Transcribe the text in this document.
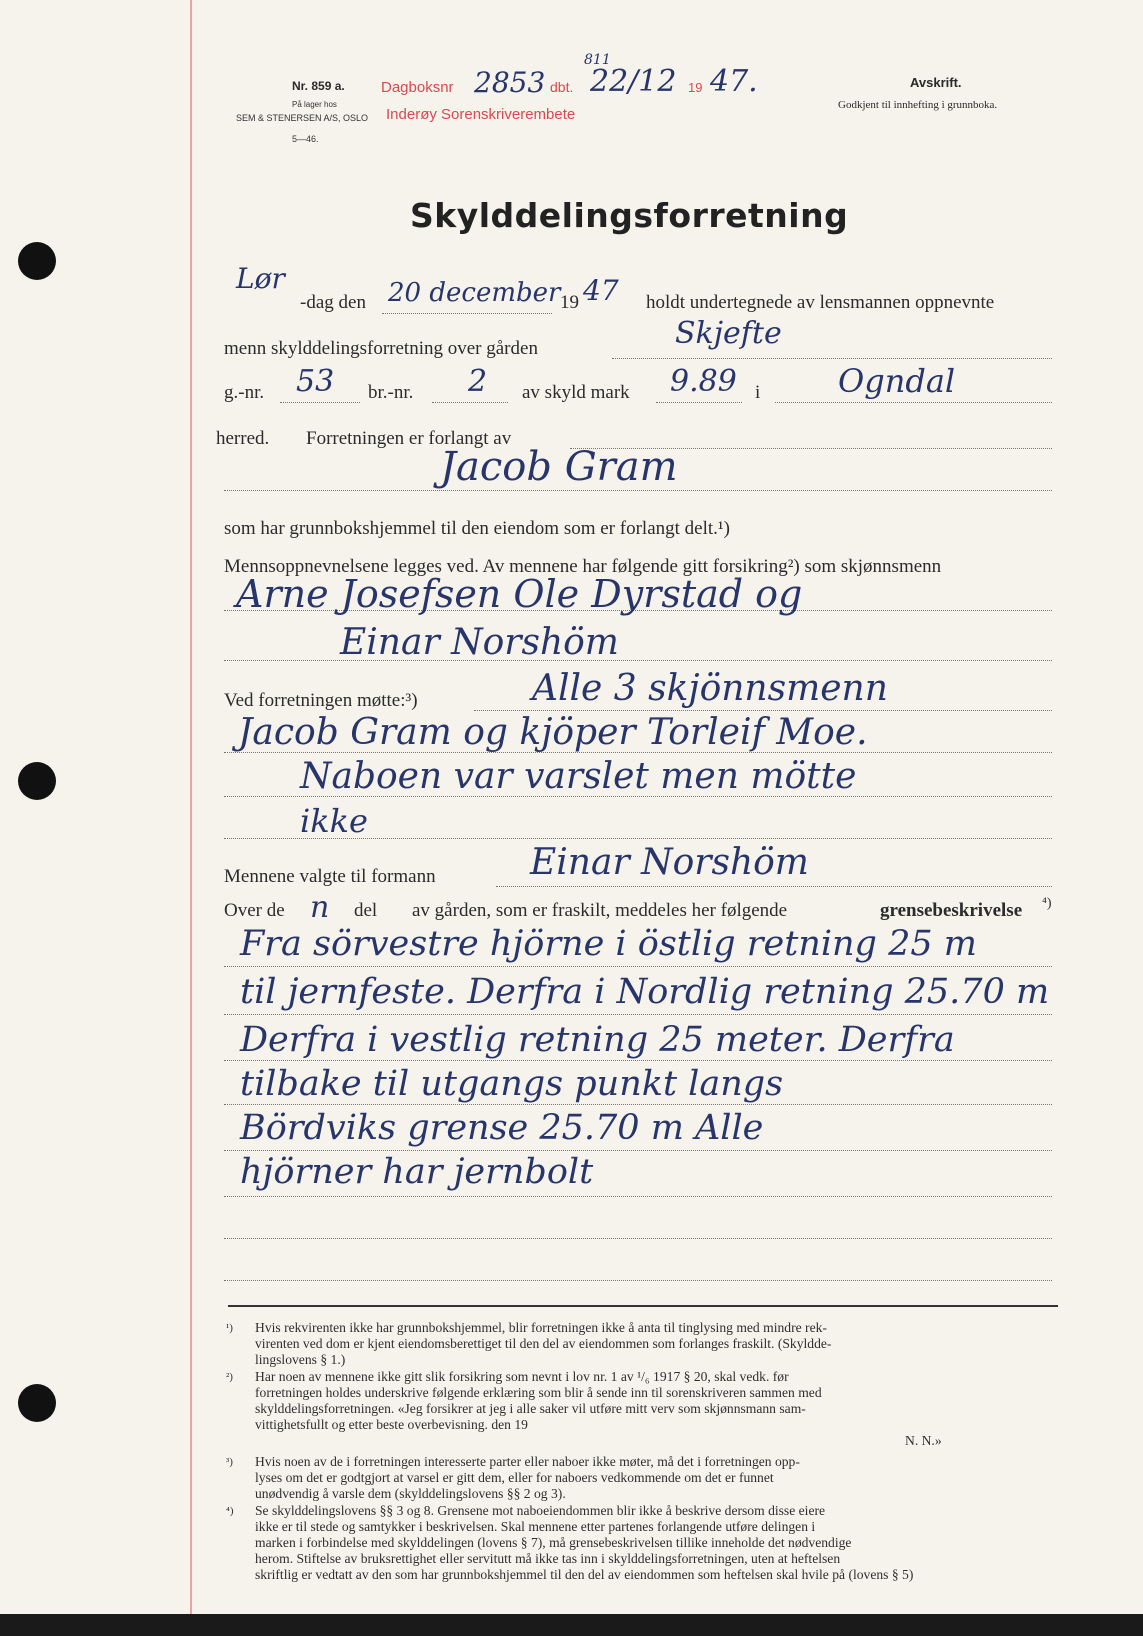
Nr. 859 a.
På lager hos
SEM & STENERSEN A/S, OSLO
5—46.
Dagboksnr 2853
811
dbt. 22/12 19 47.
Inderøy Sorenskriverembete
Avskrift.
Godkjent til innhefting i grunnboka.
Skylddelingsforretning
Lør
-dag den 20 december 19 47 holdt undertegnede av lensmannen oppnevnte
menn skylddelingsforretning over gården	Skjefte
g.-nr. 53 br.-nr. 2 av skyld mark 9.89 i Ogndal
herred. Forretningen er forlangt av
Jacob Gram
som har grunnbokshjemmel til den eiendom som er forlangt delt.¹)
Mennsoppnevnelsene legges ved. Av mennene har følgende gitt forsikring²) som skjønnsmenn
Arne Josefsen Ole Dyrstad og
Einar Norshöm
Ved forretningen møtte:³)	Alle 3 skjönnsmenn
Jacob Gram og kjöper Torleif Moe.
Naboen var varslet men mötte
ikke
Mennene valgte til formann	Einar Norshöm
Over de n del av gården, som er fraskilt, meddeles her følgende	grensebeskrivelse ⁴)
Fra sörvestre hjörne i östlig retning 25 m
til jernfeste. Derfra i Nordlig retning 25.70 m
Derfra i vestlig retning 25 meter. Derfra
tilbake til utgangs punkt langs
Bördviks grense 25.70 m Alle
hjörner har jernbolt
¹) Hvis rekvirenten ikke har grunnbokshjemmel, blir forretningen ikke å anta til tinglysing med mindre rek-
virenten ved dom er kjent eiendomsberettiget til den del av eiendommen som forlanges fraskilt. (Skyldde-
lingslovens § 1.)
²) Har noen av mennene ikke gitt slik forsikring som nevnt i lov nr. 1 av ¹/₆ 1917 § 20, skal vedk. før
forretningen holdes underskrive følgende erklæring som blir å sende inn til sorenskriveren sammen med
skylddelingsforretningen. «Jeg forsikrer at jeg i alle saker vil utføre mitt verv som skjønnsmann sam-
vittighetsfullt og etter beste overbevisning. den 19
N. N.»
³) Hvis noen av de i forretningen interesserte parter eller naboer ikke møter, må det i forretningen opp-
lyses om det er godtgjort at varsel er gitt dem, eller for naboers vedkommende om det er funnet
unødvendig å varsle dem (skylddelingslovens §§ 2 og 3).
⁴) Se skylddelingslovens §§ 3 og 8. Grensene mot naboeiendommen blir ikke å beskrive dersom disse eiere
ikke er til stede og samtykker i beskrivelsen. Skal mennene etter partenes forlangende utføre delingen i
marken i forbindelse med skylddelingen (lovens § 7), må grensebeskrivelsen tillike inneholde det nødvendige
herom. Stiftelse av bruksrettighet eller servitutt må ikke tas inn i skylddelingsforretningen, uten at heftelsen
skriftlig er vedtatt av den som har grunnbokshjemmel til den del av eiendommen som heftelsen skal hvile på (lovens § 5)
